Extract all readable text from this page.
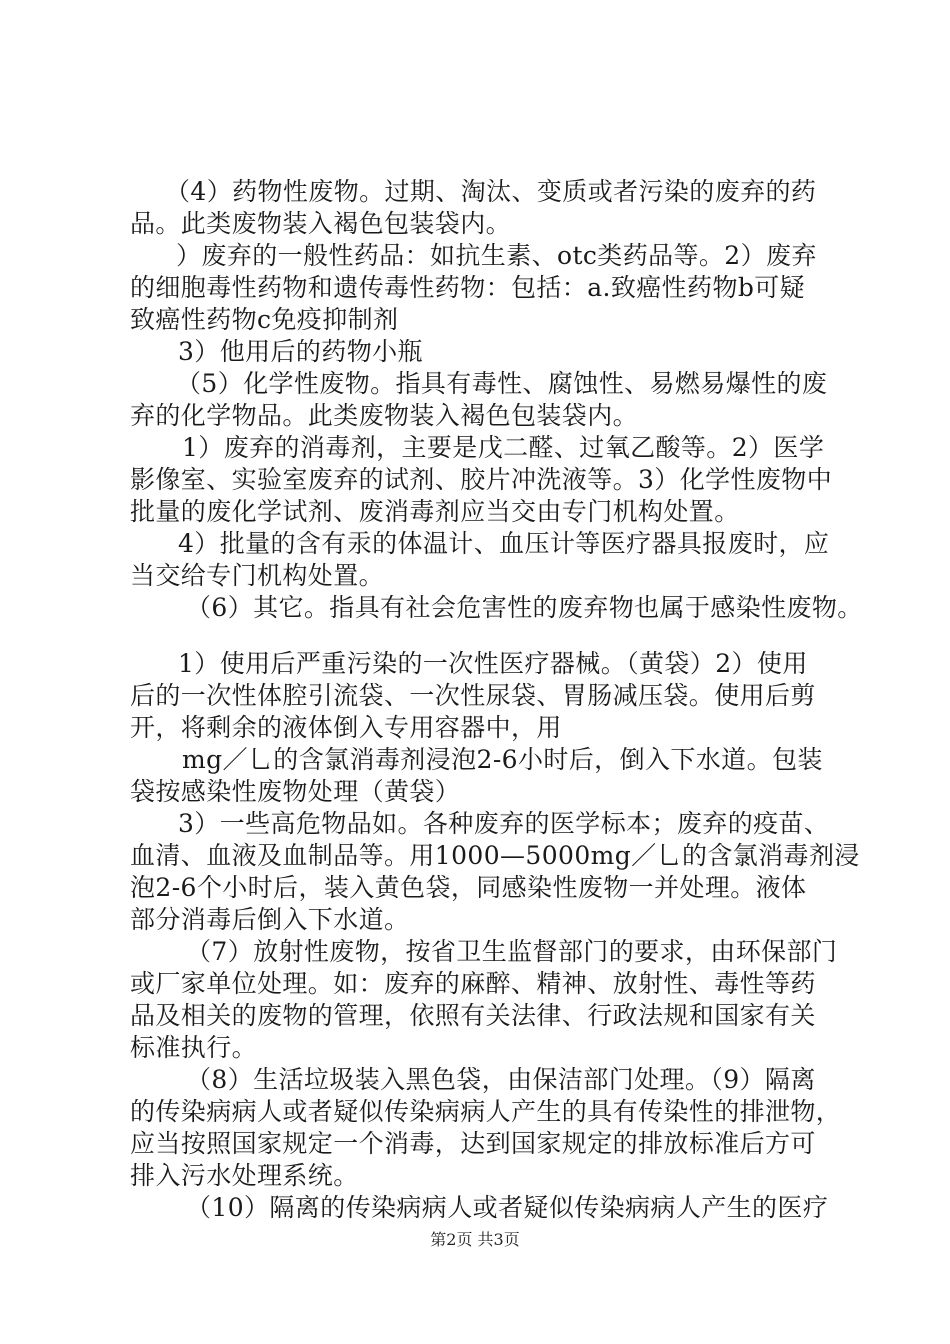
（4）药物性废物。过期、淘汰、变质或者污染的废弃的药
品。此类废物装入褐色包装袋内。
）废弃的一般性药品：如抗生素、otc类药品等。2）废弃
的细胞毒性药物和遗传毒性药物：包括：a.致癌性药物b可疑
致癌性药物c免疫抑制剂
3）他用后的药物小瓶
（5）化学性废物。指具有毒性、腐蚀性、易燃易爆性的废
弃的化学物品。此类废物装入褐色包装袋内。
1）废弃的消毒剂，主要是戊二醛、过氧乙酸等。2）医学
影像室、实验室废弃的试剂、胶片冲洗液等。3）化学性废物中
批量的废化学试剂、废消毒剂应当交由专门机构处置。
4）批量的含有汞的体温计、血压计等医疗器具报废时，应
当交给专门机构处置。
（6）其它。指具有社会危害性的废弃物也属于感染性废物。
1）使用后严重污染的一次性医疗器械。（黄袋）2）使用
后的一次性体腔引流袋、一次性尿袋、胃肠减压袋。使用后剪
开，将剩余的液体倒入专用容器中，用
mg／乚的含氯消毒剂浸泡2-6小时后，倒入下水道。包装
袋按感染性废物处理（黄袋）
3）一些高危物品如。各种废弃的医学标本；废弃的疫苗、
血清、血液及血制品等。用1000—5000mg／乚的含氯消毒剂浸
泡2-6个小时后，装入黄色袋，同感染性废物一并处理。液体
部分消毒后倒入下水道。
（7）放射性废物，按省卫生监督部门的要求，由环保部门
或厂家单位处理。如：废弃的麻醉、精神、放射性、毒性等药
品及相关的废物的管理，依照有关法律、行政法规和国家有关
标准执行。
（8）生活垃圾装入黑色袋，由保洁部门处理。（9）隔离
的传染病病人或者疑似传染病病人产生的具有传染性的排泄物，
应当按照国家规定一个消毒，达到国家规定的排放标准后方可
排入污水处理系统。
（10）隔离的传染病病人或者疑似传染病病人产生的医疗
第2页 共3页
